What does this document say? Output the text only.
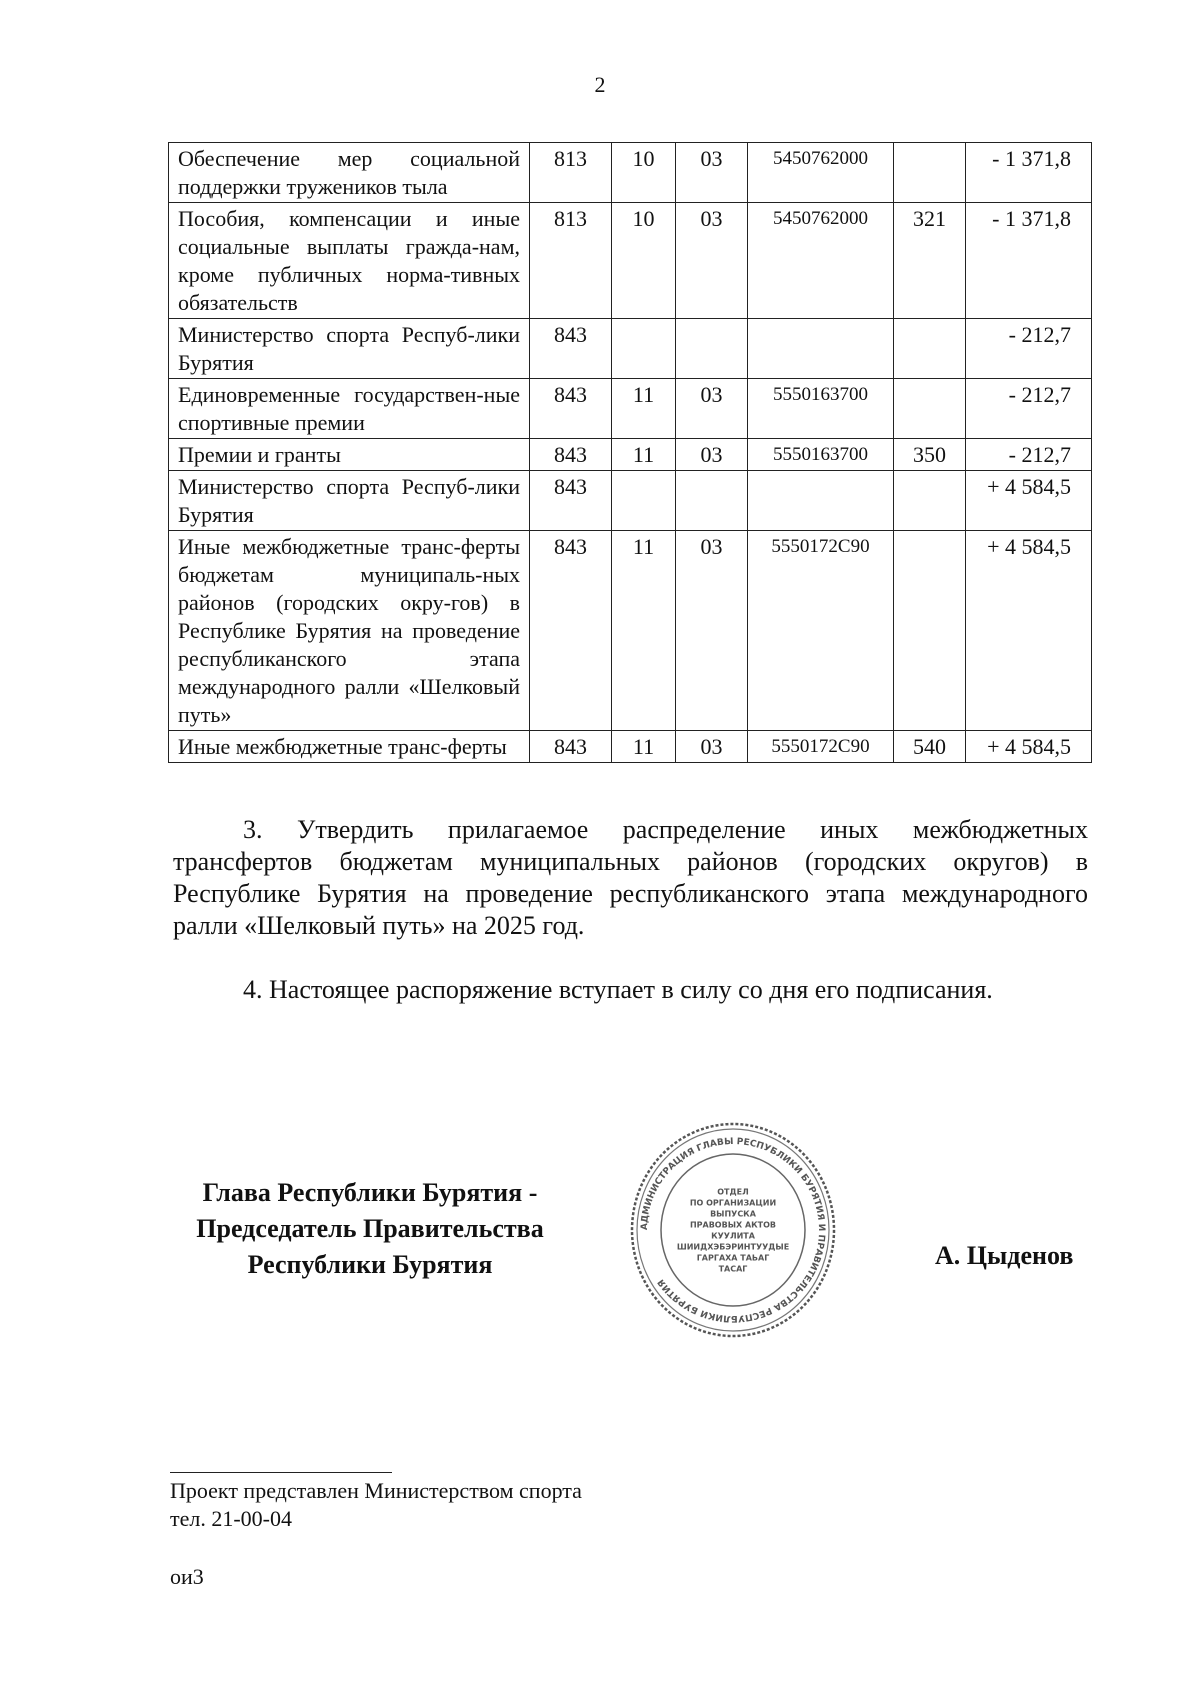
2
Обеспечение мер социальной поддержки тружеников тыла	813	10	03	5450762000		- 1 371,8
Пособия, компенсации и иные социальные выплаты гражда-нам, кроме публичных норма-тивных обязательств	813	10	03	5450762000	321	- 1 371,8
Министерство спорта Респуб-лики Бурятия	843					- 212,7
Единовременные государствен-ные спортивные премии	843	11	03	5550163700		- 212,7
Премии и гранты	843	11	03	5550163700	350	- 212,7
Министерство спорта Респуб-лики Бурятия	843					+ 4 584,5
Иные межбюджетные транс-ферты бюджетам муниципаль-ных районов (городских окру-гов) в Республике Бурятия на проведение республиканского этапа международного ралли «Шелковый путь»	843	11	03	5550172С90		+ 4 584,5
Иные межбюджетные транс-ферты	843	11	03	5550172С90	540	+ 4 584,5
3. Утвердить прилагаемое распределение иных межбюджетных трансфертов бюджетам муниципальных районов (городских округов) в Республике Бурятия на проведение республиканского этапа международного ралли «Шелковый путь» на 2025 год.
4. Настоящее распоряжение вступает в силу со дня его подписания.
Глава Республики Бурятия -
Председатель Правительства
Республики Бурятия
АДМИНИСТРАЦИЯ ГЛАВЫ РЕСПУБЛИКИ БУРЯТИЯ И ПРАВИТЕЛЬСТВА РЕСПУБЛИКИ БУРЯТИЯ
ОТДЕЛ
ПО ОРГАНИЗАЦИИ
ВЫПУСКА
ПРАВОВЫХ АКТОВ
КУУЛИТА
ШИИДХЭБЭРИНТУУДЫЕ
ГАРГАХА ТАЬАГ
ТАСАГ	А. Цыденов
Проект представлен Министерством спорта
тел. 21-00-04
ои3
